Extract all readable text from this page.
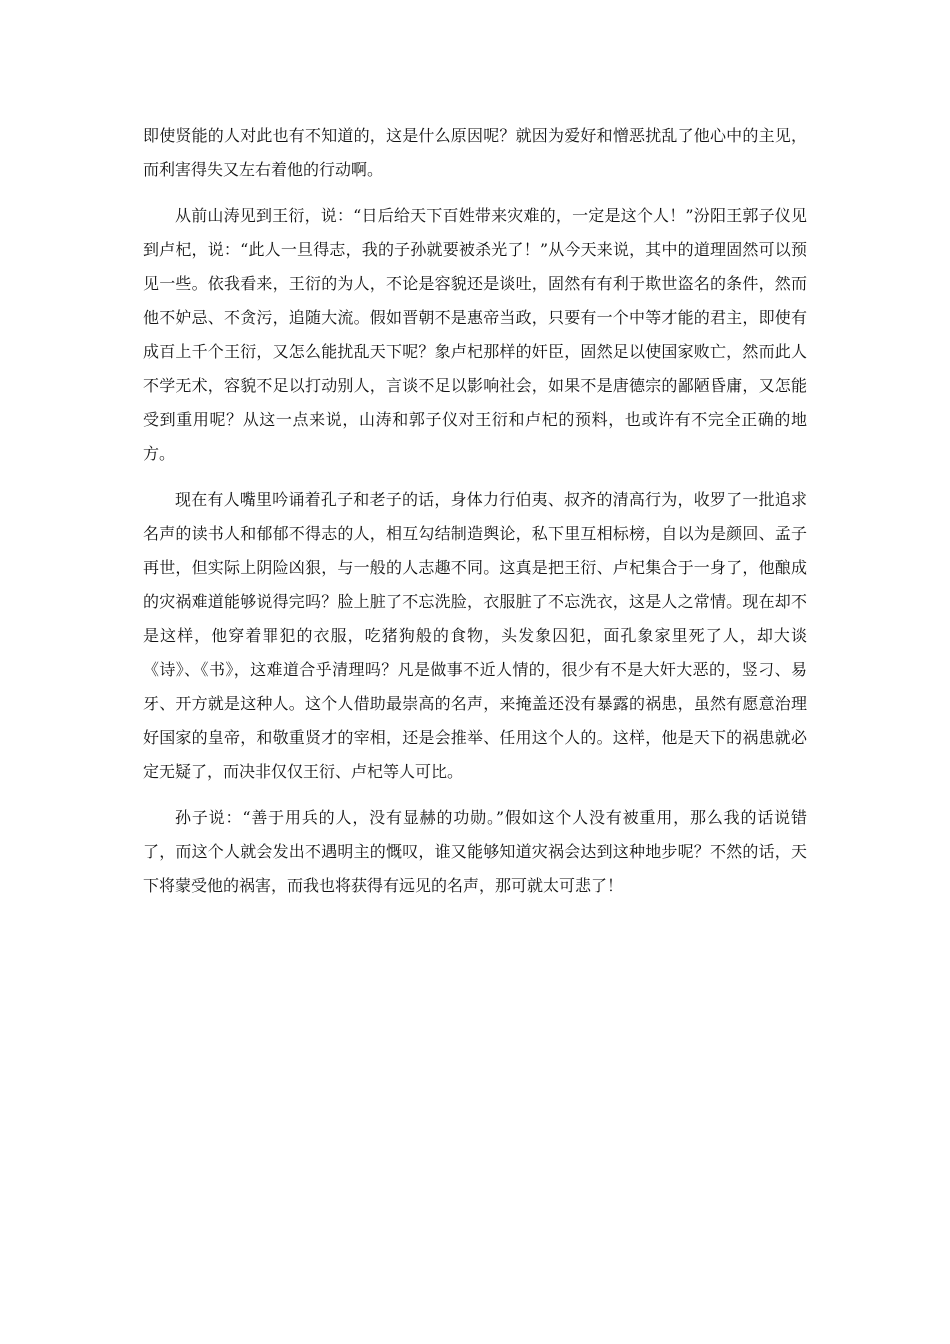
即使贤能的人对此也有不知道的，这是什么原因呢？就因为爱好和憎恶扰乱了他心中的主见，而利害得失又左右着他的行动啊。

从前山涛见到王衍，说：“日后给天下百姓带来灾难的，一定是这个人！”汾阳王郭子仪见到卢杞，说：“此人一旦得志，我的子孙就要被杀光了！”从今天来说，其中的道理固然可以预见一些。依我看来，王衍的为人，不论是容貌还是谈吐，固然有有利于欺世盗名的条件，然而他不妒忌、不贪污，追随大流。假如晋朝不是惠帝当政，只要有一个中等才能的君主，即使有成百上千个王衍，又怎么能扰乱天下呢？象卢杞那样的奸臣，固然足以使国家败亡，然而此人不学无术，容貌不足以打动别人，言谈不足以影响社会，如果不是唐德宗的鄙陋昏庸，又怎能受到重用呢？从这一点来说，山涛和郭子仪对王衍和卢杞的预料，也或许有不完全正确的地方。

现在有人嘴里吟诵着孔子和老子的话，身体力行伯夷、叔齐的清高行为，收罗了一批追求名声的读书人和郁郁不得志的人，相互勾结制造舆论，私下里互相标榜，自以为是颜回、孟子再世，但实际上阴险凶狠，与一般的人志趣不同。这真是把王衍、卢杞集合于一身了，他酿成的灾祸难道能够说得完吗？脸上脏了不忘洗脸，衣服脏了不忘洗衣，这是人之常情。现在却不是这样，他穿着罪犯的衣服，吃猪狗般的食物，头发象囚犯，面孔象家里死了人，却大谈《诗》、《书》，这难道合乎清理吗？凡是做事不近人情的，很少有不是大奸大恶的，竖刁、易牙、开方就是这种人。这个人借助最崇高的名声，来掩盖还没有暴露的祸患，虽然有愿意治理好国家的皇帝，和敬重贤才的宰相，还是会推举、任用这个人的。这样，他是天下的祸患就必定无疑了，而决非仅仅王衍、卢杞等人可比。

孙子说：“善于用兵的人，没有显赫的功勋。”假如这个人没有被重用，那么我的话说错了，而这个人就会发出不遇明主的慨叹，谁又能够知道灾祸会达到这种地步呢？不然的话，天下将蒙受他的祸害，而我也将获得有远见的名声，那可就太可悲了！
